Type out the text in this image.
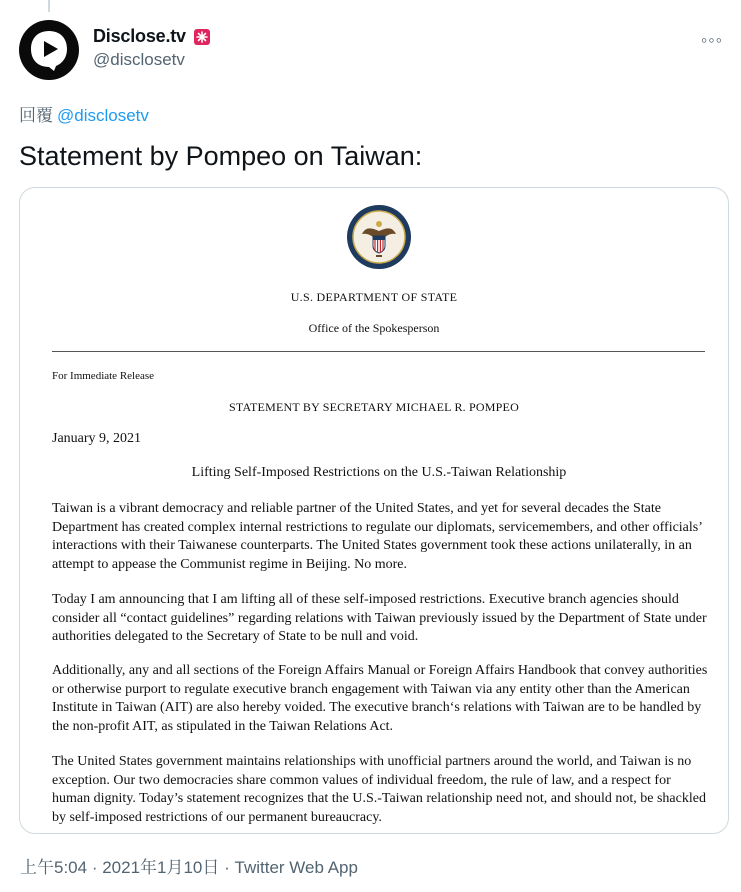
Disclose.tv
@disclosetv
◦◦◦
回覆 @disclosetv
Statement by Pompeo on Taiwan:
U.S. DEPARTMENT OF STATE
Office of the Spokesperson
For Immediate Release
STATEMENT BY SECRETARY MICHAEL R. POMPEO
January 9, 2021
Lifting Self-Imposed Restrictions on the U.S.-Taiwan Relationship
Taiwan is a vibrant democracy and reliable partner of the United States, and yet for several decades the State Department has created complex internal restrictions to regulate our diplomats, servicemembers, and other officials’ interactions with their Taiwanese counterparts. The United States government took these actions unilaterally, in an attempt to appease the Communist regime in Beijing. No more.
Today I am announcing that I am lifting all of these self-imposed restrictions. Executive branch agencies should consider all “contact guidelines” regarding relations with Taiwan previously issued by the Department of State under authorities delegated to the Secretary of State to be null and void.
Additionally, any and all sections of the Foreign Affairs Manual or Foreign Affairs Handbook that convey authorities or otherwise purport to regulate executive branch engagement with Taiwan via any entity other than the American Institute in Taiwan (AIT) are also hereby voided. The executive branch‘s relations with Taiwan are to be handled by the non-profit AIT, as stipulated in the Taiwan Relations Act.
The United States government maintains relationships with unofficial partners around the world, and Taiwan is no exception. Our two democracies share common values of individual freedom, the rule of law, and a respect for human dignity. Today’s statement recognizes that the U.S.-Taiwan relationship need not, and should not, be shackled by self-imposed restrictions of our permanent bureaucracy.
上午5:04 · 2021年1月10日 · Twitter Web App
